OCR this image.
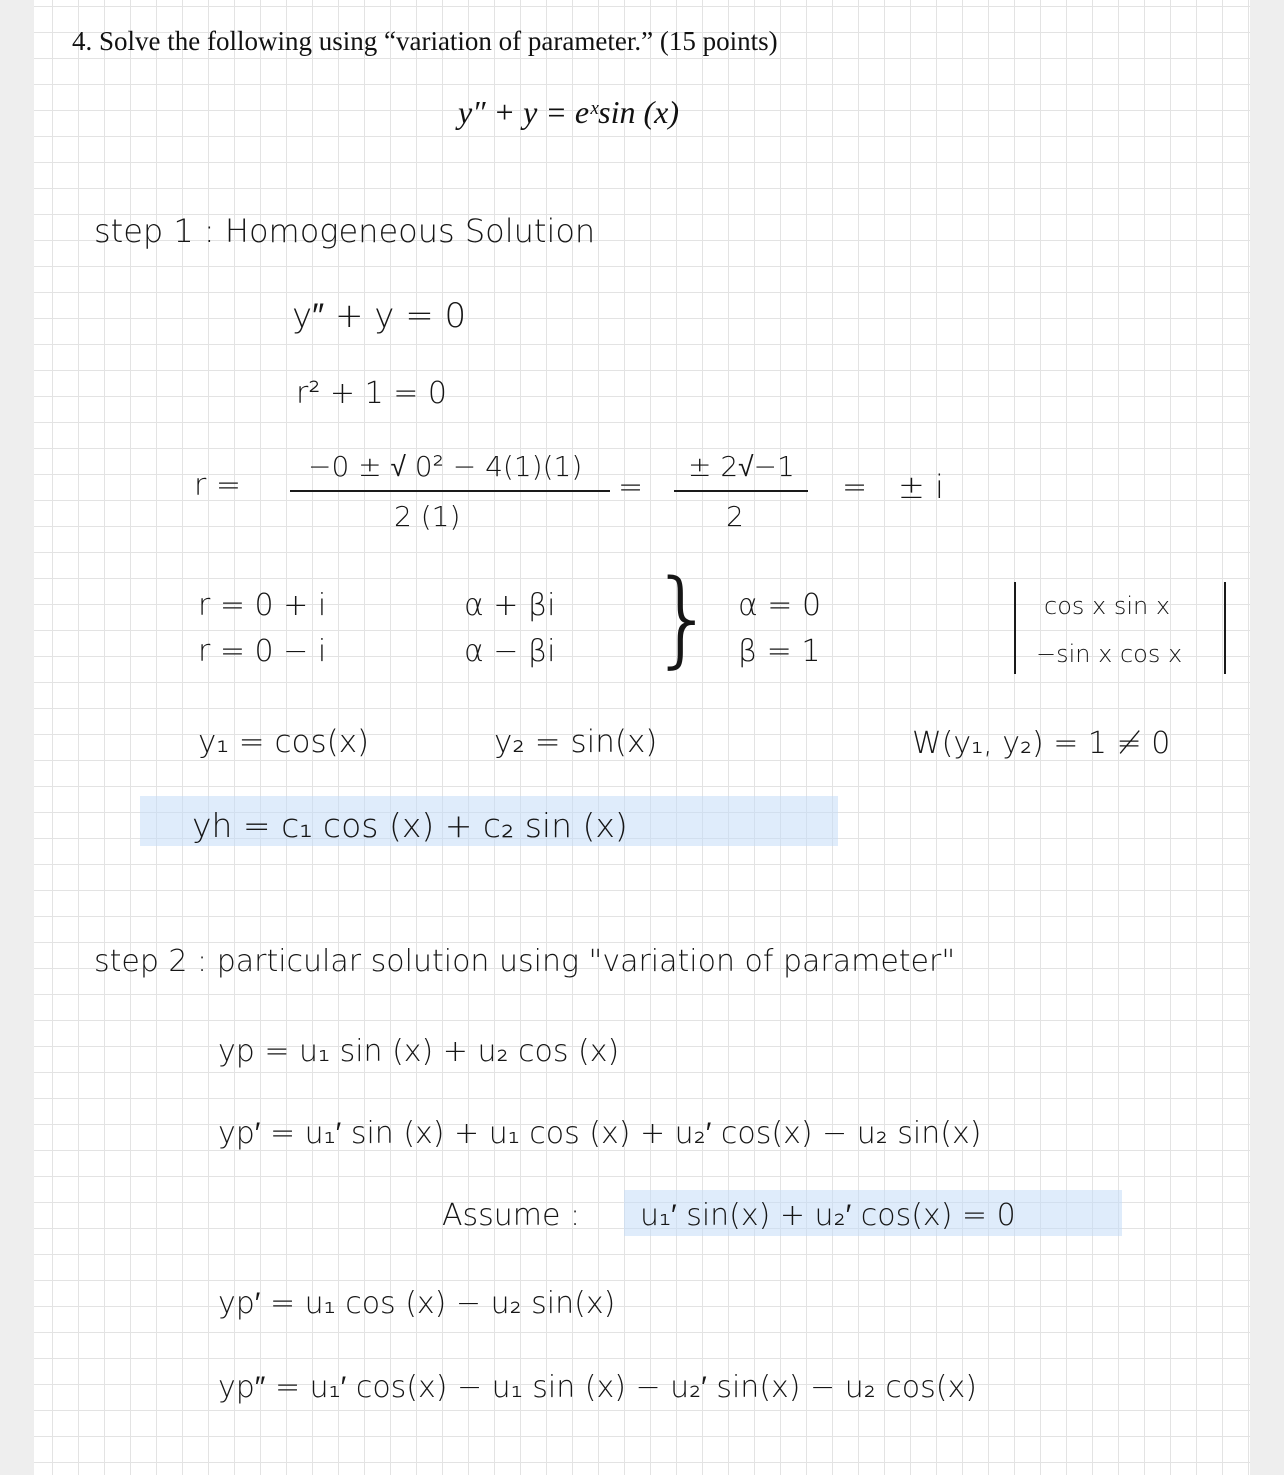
4. Solve the following using “variation of parameter.” (15 points)
y″ + y = eˣsin (x)
step 1 : Homogeneous Solution
y″ + y = 0
r² + 1 = 0
r =
−0 ± √ 0² − 4(1)(1)
2 (1)
=
± 2√−1
2
= ± i
r = 0 + i
r = 0 − i
α + βi
α − βi } α = 0
β = 1
cos x sin x
−sin x cos x
y₁ = cos(x)	y₂ = sin(x)	W(y₁, y₂) = 1 ≠ 0
yh = c₁ cos (x) + c₂ sin (x)
step 2 : particular solution using "variation of parameter"
yp = u₁ sin (x) + u₂ cos (x)
yp′ = u₁′ sin (x) + u₁ cos (x) + u₂′ cos(x) − u₂ sin(x)
Assume : u₁′ sin(x) + u₂′ cos(x) = 0
yp′ = u₁ cos (x) − u₂ sin(x)
yp″ = u₁′ cos(x) − u₁ sin (x) − u₂′ sin(x) − u₂ cos(x)
